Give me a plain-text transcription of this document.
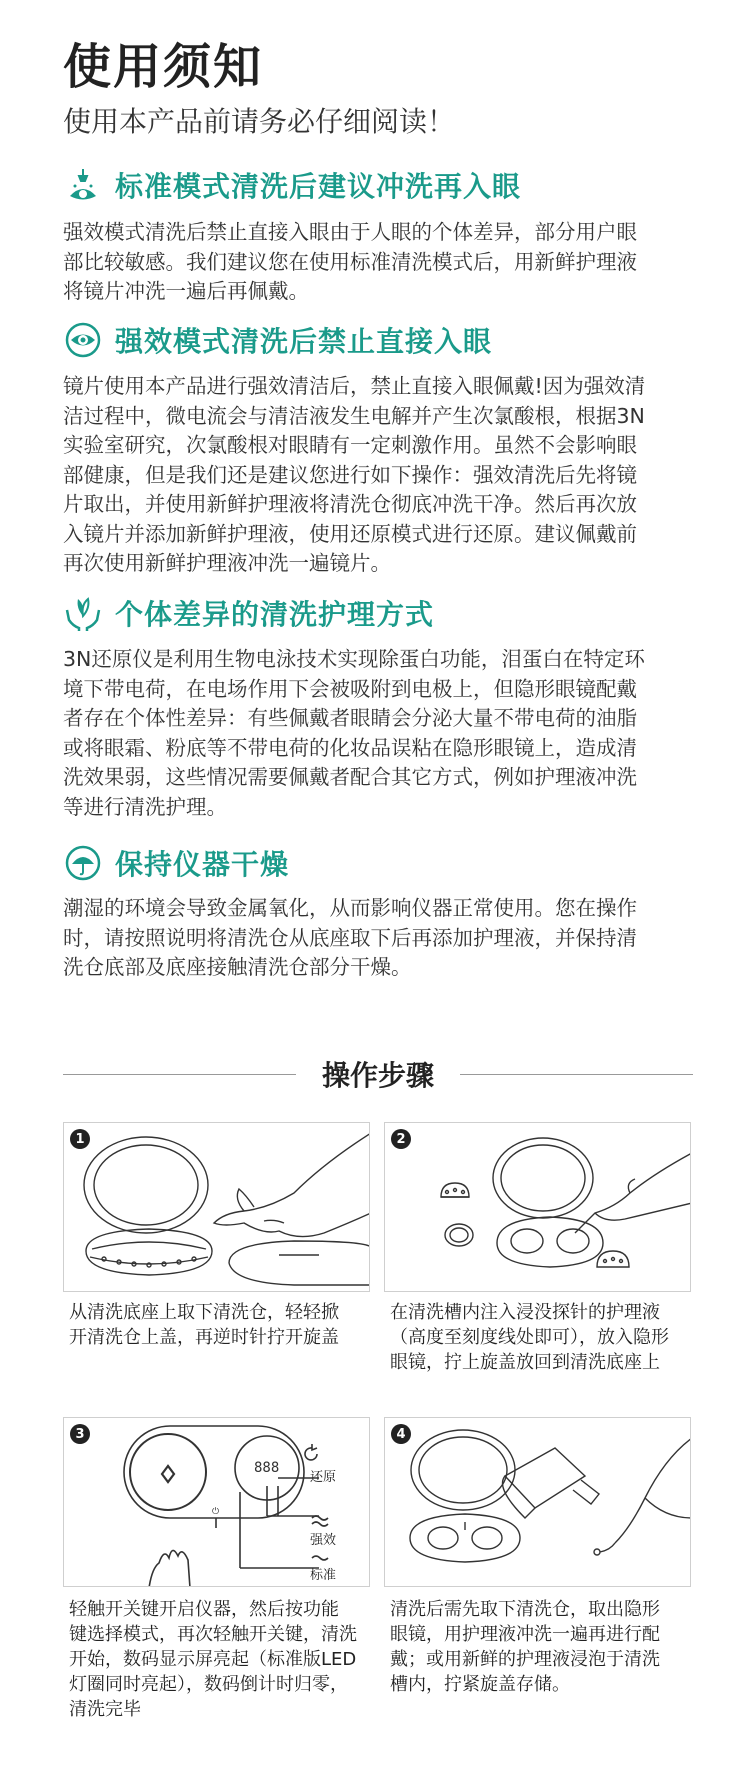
使用须知
使用本产品前请务必仔细阅读！
标准模式清洗后建议冲洗再入眼
强效模式清洗后禁止直接入眼由于人眼的个体差异，部分用户眼
部比较敏感。我们建议您在使用标准清洗模式后，用新鲜护理液
将镜片冲洗一遍后再佩戴。
强效模式清洗后禁止直接入眼
镜片使用本产品进行强效清洁后，禁止直接入眼佩戴!因为强效清
洁过程中，微电流会与清洁液发生电解并产生次氯酸根，根据3N
实验室研究，次氯酸根对眼睛有一定刺激作用。虽然不会影响眼
部健康，但是我们还是建议您进行如下操作：强效清洗后先将镜
片取出，并使用新鲜护理液将清洗仓彻底冲洗干净。然后再次放
入镜片并添加新鲜护理液，使用还原模式进行还原。建议佩戴前
再次使用新鲜护理液冲洗一遍镜片。
个体差异的清洗护理方式
3N还原仪是利用生物电泳技术实现除蛋白功能，泪蛋白在特定环
境下带电荷，在电场作用下会被吸附到电极上，但隐形眼镜配戴
者存在个体性差异：有些佩戴者眼睛会分泌大量不带电荷的油脂
或将眼霜、粉底等不带电荷的化妆品误粘在隐形眼镜上，造成清
洗效果弱，这些情况需要佩戴者配合其它方式，例如护理液冲洗
等进行清洗护理。
保持仪器干燥
潮湿的环境会导致金属氧化，从而影响仪器正常使用。您在操作
时，请按照说明将清洗仓从底座取下后再添加护理液，并保持清
洗仓底部及底座接触清洗仓部分干燥。
操作步骤
1
从清洗底座上取下清洗仓，轻轻掀
开清洗仓上盖，再逆时针拧开旋盖
2
在清洗槽内注入浸没探针的护理液
（高度至刻度线处即可），放入隐形
眼镜，拧上旋盖放回到清洗底座上
3
888
⏻
还原
强效
标准
轻触开关键开启仪器，然后按功能
键选择模式，再次轻触开关键，清洗
开始，数码显示屏亮起（标准版LED
灯圈同时亮起），数码倒计时归零，
清洗完毕
4
清洗后需先取下清洗仓，取出隐形
眼镜，用护理液冲洗一遍再进行配
戴；或用新鲜的护理液浸泡于清洗
槽内，拧紧旋盖存储。
